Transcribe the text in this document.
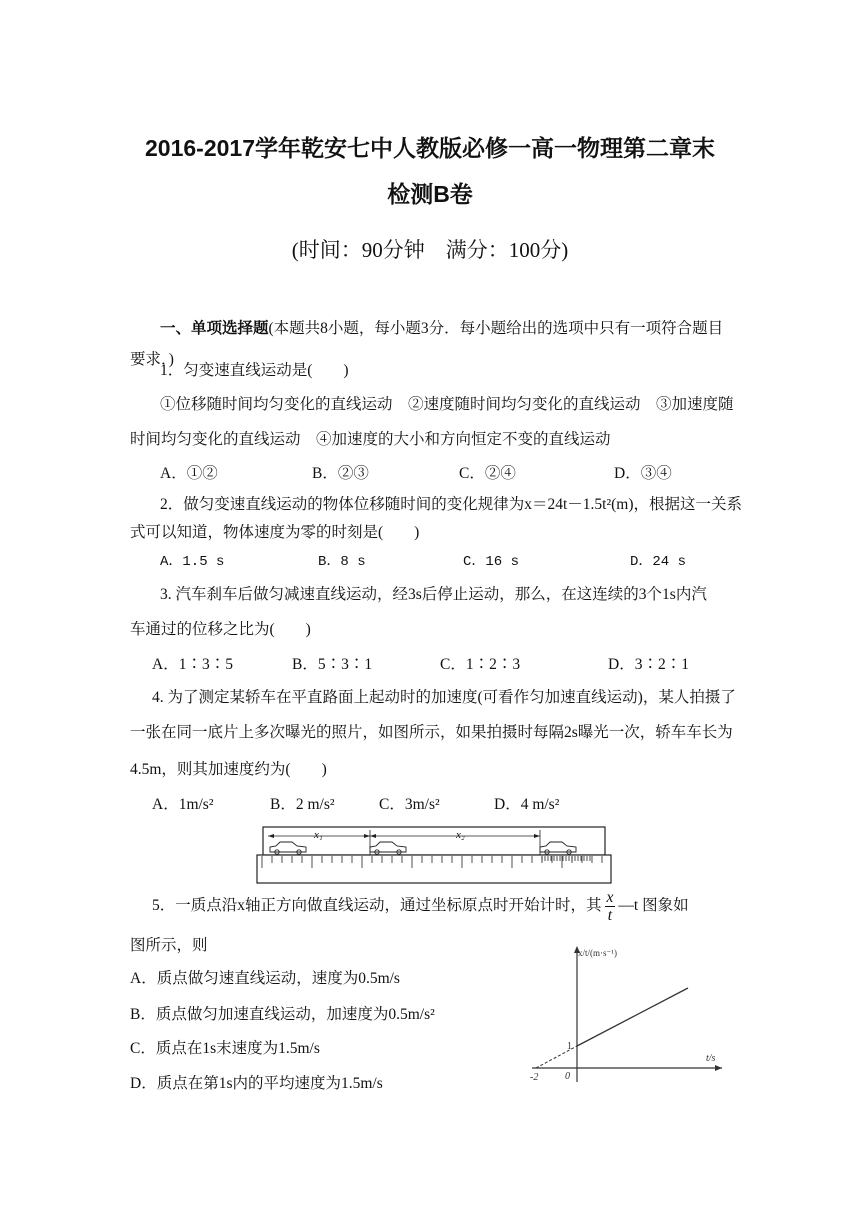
2016-2017学年乾安七中人教版必修一高一物理第二章末
检测B卷
(时间：90分钟　满分：100分)
一、单项选择题(本题共8小题，每小题3分．每小题给出的选项中只有一项符合题目
要求．)
1．匀变速直线运动是(　　)
①位移随时间均匀变化的直线运动　②速度随时间均匀变化的直线运动　③加速度随
时间均匀变化的直线运动　④加速度的大小和方向恒定不变的直线运动
A．①②	B．②③	C．②④	D．③④
2．做匀变速直线运动的物体位移随时间的变化规律为x＝24t－1.5t²(m)，根据这一关系
式可以知道，物体速度为零的时刻是(　　)
A．1.5 s	B．8 s	C．16 s	D．24 s
3. 汽车刹车后做匀减速直线运动，经3s后停止运动，那么，在这连续的3个1s内汽
车通过的位移之比为(　　)
A．1∶3∶5	B．5∶3∶1	C．1∶2∶3	D．3∶2∶1
4. 为了测定某轿车在平直路面上起动时的加速度(可看作匀加速直线运动)，某人拍摄了
一张在同一底片上多次曝光的照片，如图所示，如果拍摄时每隔2s曝光一次，轿车车长为
4.5m，则其加速度约为(　　)
A．1m/s²	B．2 m/s²	C．3m/s²	D．4 m/s²
x₁	x₂
5．一质点沿x轴正方向做直线运动，通过坐标原点时开始计时，其 $\frac{x}{t}$ —t 图象如
图所示，则
A．质点做匀速直线运动，速度为0.5m/s
B．质点做匀加速直线运动，加速度为0.5m/s²
C．质点在1s末速度为1.5m/s
D．质点在第1s内的平均速度为1.5m/s
x/t/(m·s⁻¹)
t/s
0
1
-2
